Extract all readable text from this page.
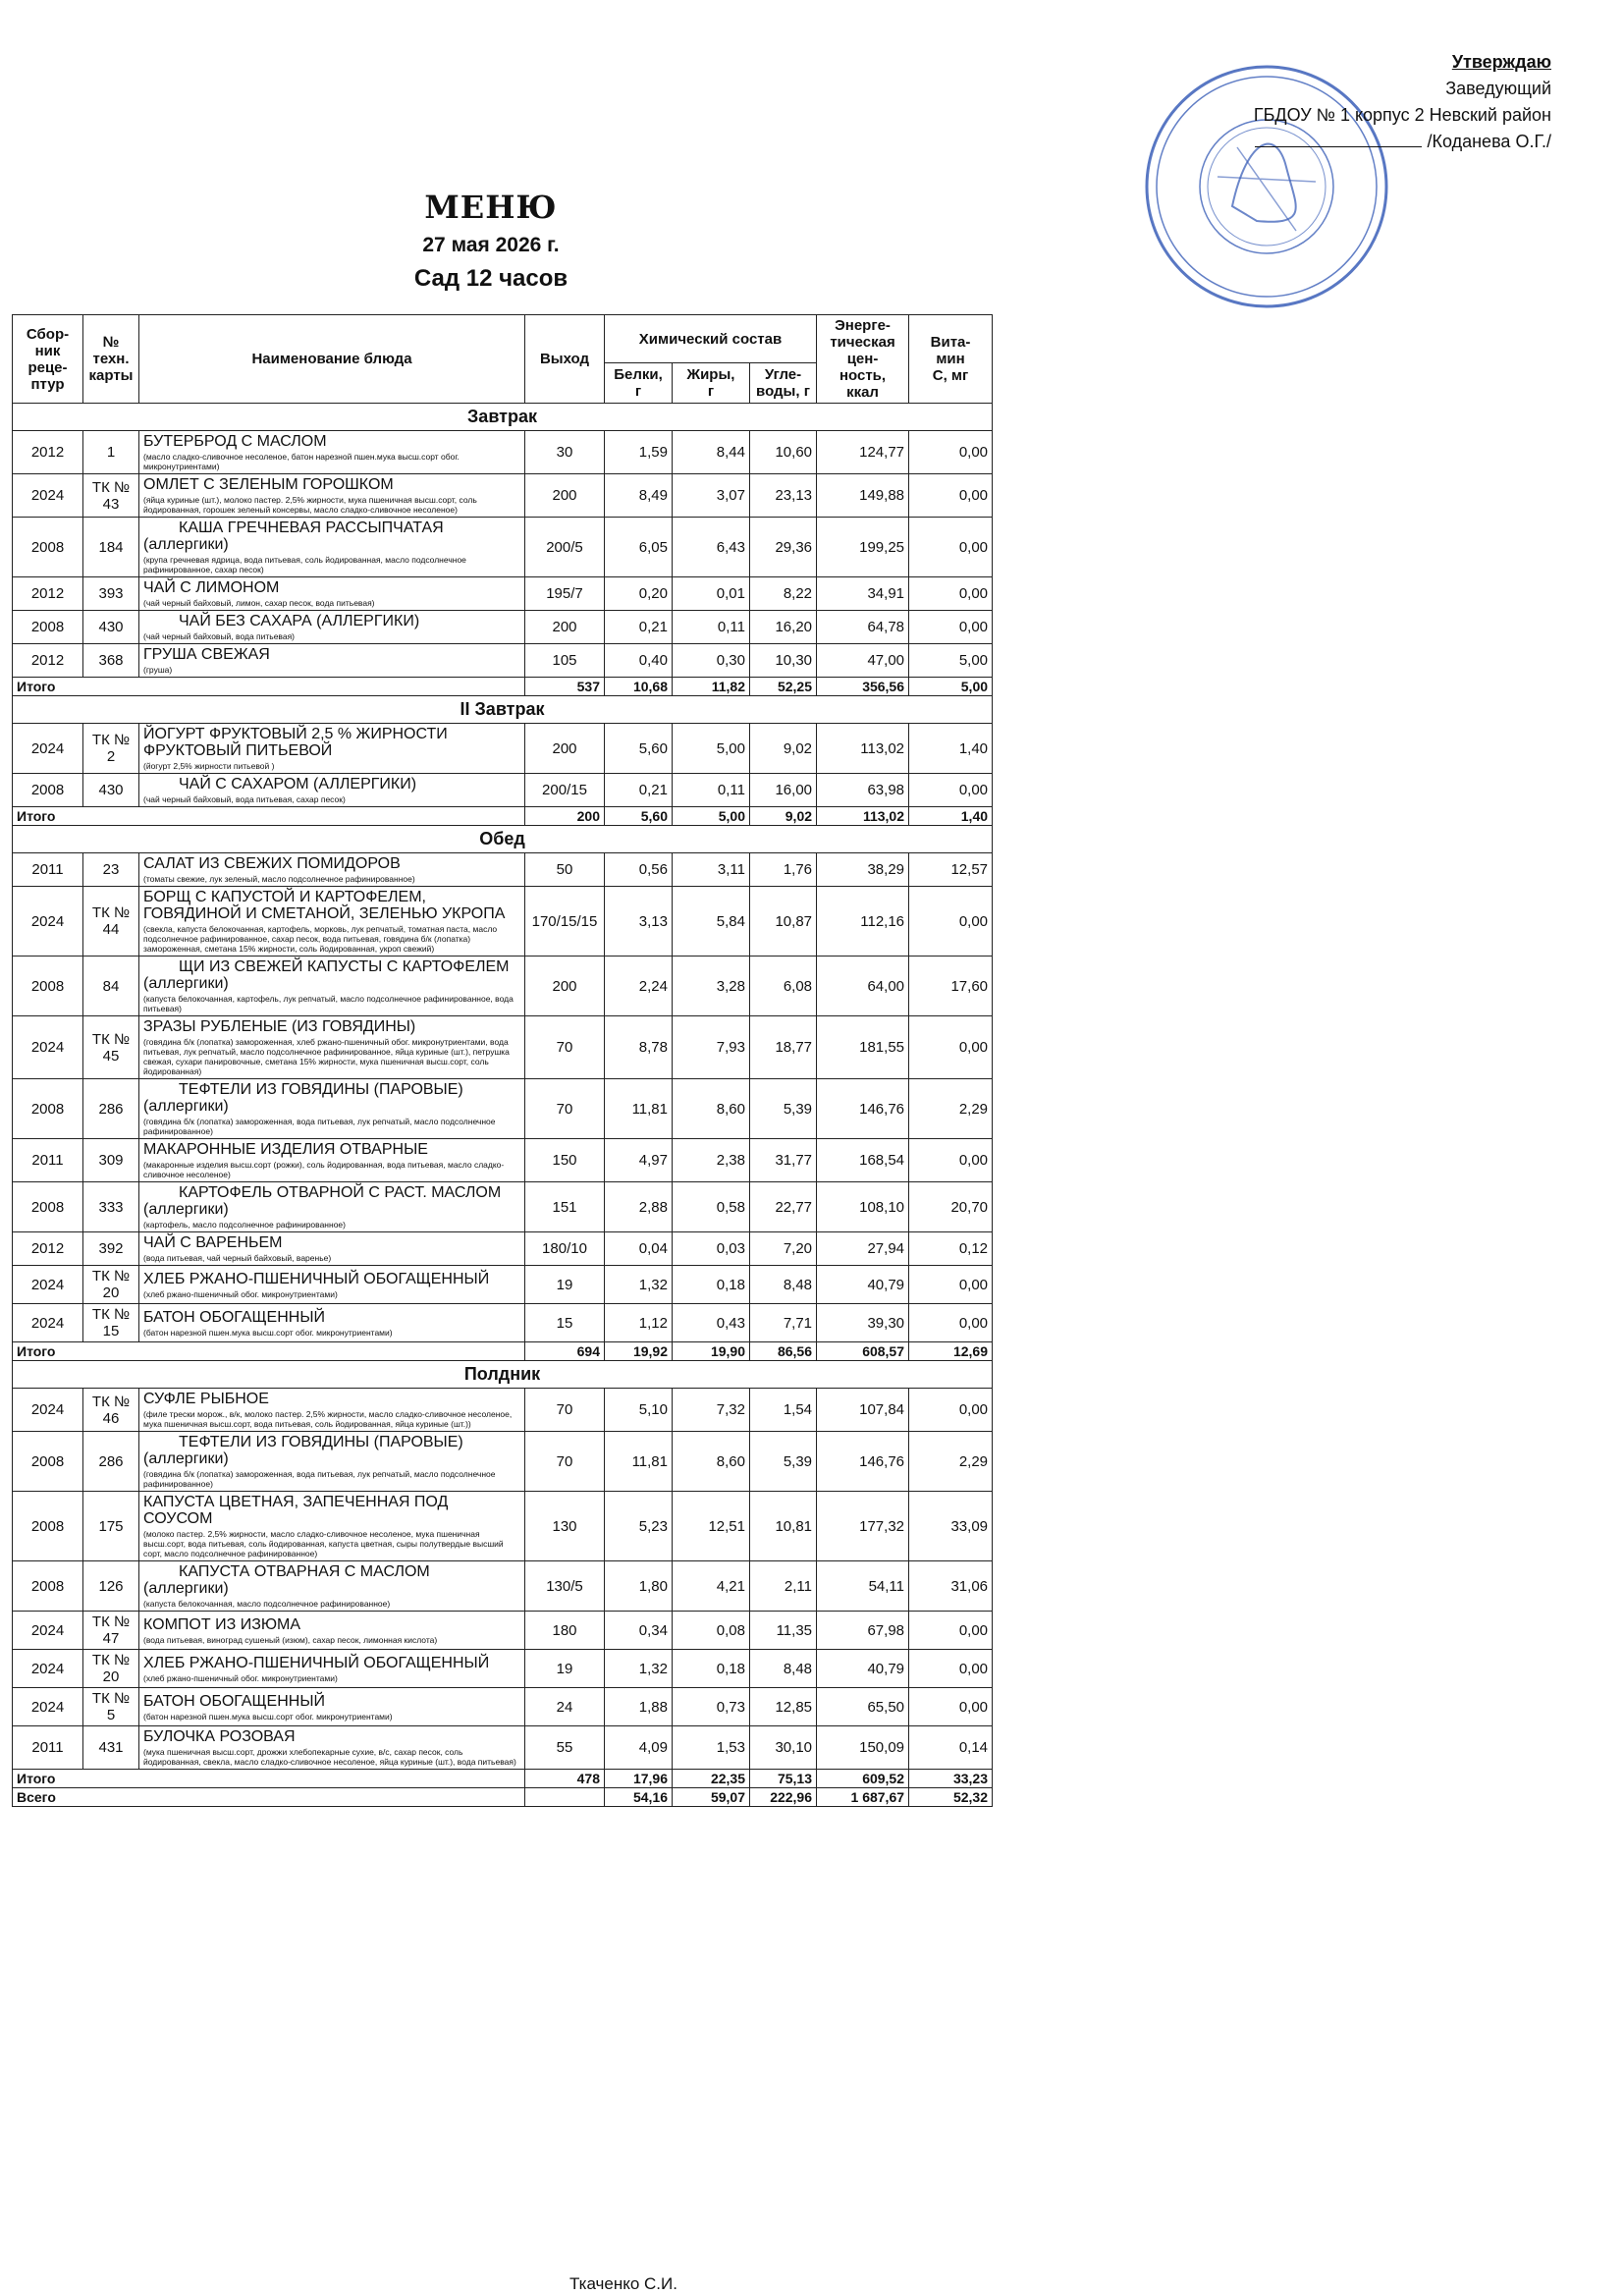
Утверждаю
Заведующий
ГБДОУ № 1 корпус 2 Невский район
/Коданева О.Г./
МЕНЮ
27 мая 2026 г.
Сад 12 часов
Сбор-
ник
реце-
птур	№
техн.
карты	Наименование блюда	Выход	Химический состав			Энерге-
тическая
цен-
ность,
ккал	Вита-
мин
С, мг
				Белки,
г	Жиры,
г	Угле-
воды, г		
Завтрак								
2012	1	БУТЕРБРОД С МАСЛОМ
(масло сладко-сливочное несоленое, батон нарезной пшен.мука высш.сорт обог. микронутриентами)	30	1,59	8,44	10,60	124,77	0,00
2024	ТК №
43	ОМЛЕТ С ЗЕЛЕНЫМ ГОРОШКОМ
(яйца куриные (шт.), молоко пастер. 2,5% жирности, мука пшеничная высш.сорт, соль йодированная, горошек зеленый консервы, масло сладко-сливочное несоленое)	200	8,49	3,07	23,13	149,88	0,00
2008	184	КАША ГРЕЧНЕВАЯ РАССЫПЧАТАЯ
(аллергики)
(крупа гречневая ядрица, вода питьевая, соль йодированная, масло подсолнечное рафинированное, сахар песок)	200/5	6,05	6,43	29,36	199,25	0,00
2012	393	ЧАЙ С ЛИМОНОМ
(чай черный байховый, лимон, сахар песок, вода питьевая)	195/7	0,20	0,01	8,22	34,91	0,00
2008	430	ЧАЙ БЕЗ САХАРА (АЛЛЕРГИКИ)
(чай черный байховый, вода питьевая)	200	0,21	0,11	16,20	64,78	0,00
2012	368	ГРУША СВЕЖАЯ
(груша)	105	0,40	0,30	10,30	47,00	5,00
Итого			537	10,68	11,82	52,25	356,56	5,00
II Завтрак								
2024	ТК №
2	ЙОГУРТ ФРУКТОВЫЙ 2,5 % ЖИРНОСТИ ФРУКТОВЫЙ ПИТЬЕВОЙ
(йогурт 2,5% жирности питьевой )	200	5,60	5,00	9,02	113,02	1,40
2008	430	ЧАЙ С САХАРОМ (АЛЛЕРГИКИ)
(чай черный байховый, вода питьевая, сахар песок)	200/15	0,21	0,11	16,00	63,98	0,00
Итого			200	5,60	5,00	9,02	113,02	1,40
Обед								
2011	23	САЛАТ ИЗ СВЕЖИХ ПОМИДОРОВ
(томаты свежие, лук зеленый, масло подсолнечное рафинированное)	50	0,56	3,11	1,76	38,29	12,57
2024	ТК №
44	БОРЩ С КАПУСТОЙ И КАРТОФЕЛЕМ, ГОВЯДИНОЙ И СМЕТАНОЙ, ЗЕЛЕНЬЮ УКРОПА
(свекла, капуста белокочанная, картофель, морковь, лук репчатый, томатная паста, масло подсолнечное рафинированное, сахар песок, вода питьевая, говядина б/к (лопатка) замороженная, сметана 15% жирности, соль йодированная, укроп свежий)	170/15/15	3,13	5,84	10,87	112,16	0,00
2008	84	ЩИ ИЗ СВЕЖЕЙ КАПУСТЫ С КАРТОФЕЛЕМ
(аллергики)
(капуста белокочанная, картофель, лук репчатый, масло подсолнечное рафинированное, вода питьевая)	200	2,24	3,28	6,08	64,00	17,60
2024	ТК №
45	ЗРАЗЫ РУБЛЕНЫЕ (ИЗ ГОВЯДИНЫ)
(говядина б/к (лопатка) замороженная, хлеб ржано-пшеничный обог. микронутриентами, вода питьевая, лук репчатый, масло подсолнечное рафинированное, яйца куриные (шт.), петрушка свежая, сухари панировочные, сметана 15% жирности, мука пшеничная высш.сорт, соль йодированная)	70	8,78	7,93	18,77	181,55	0,00
2008	286	ТЕФТЕЛИ ИЗ ГОВЯДИНЫ (ПАРОВЫЕ)
(аллергики)
(говядина б/к (лопатка) замороженная, вода питьевая, лук репчатый, масло подсолнечное рафинированное)	70	11,81	8,60	5,39	146,76	2,29
2011	309	МАКАРОННЫЕ ИЗДЕЛИЯ ОТВАРНЫЕ
(макаронные изделия высш.сорт (рожки), соль йодированная, вода питьевая, масло сладко-сливочное несоленое)	150	4,97	2,38	31,77	168,54	0,00
2008	333	КАРТОФЕЛЬ ОТВАРНОЙ С РАСТ. МАСЛОМ
(аллергики)
(картофель, масло подсолнечное рафинированное)	151	2,88	0,58	22,77	108,10	20,70
2012	392	ЧАЙ С ВАРЕНЬЕМ
(вода питьевая, чай черный байховый, варенье)	180/10	0,04	0,03	7,20	27,94	0,12
2024	ТК №
20	ХЛЕБ РЖАНО-ПШЕНИЧНЫЙ ОБОГАЩЕННЫЙ
(хлеб ржано-пшеничный обог. микронутриентами)	19	1,32	0,18	8,48	40,79	0,00
2024	ТК №
15	БАТОН ОБОГАЩЕННЫЙ
(батон нарезной пшен.мука высш.сорт обог. микронутриентами)	15	1,12	0,43	7,71	39,30	0,00
Итого			694	19,92	19,90	86,56	608,57	12,69
Полдник								
2024	ТК №
46	СУФЛЕ РЫБНОЕ
(филе трески морож., в/к, молоко пастер. 2,5% жирности, масло сладко-сливочное несоленое, мука пшеничная высш.сорт, вода питьевая, соль йодированная, яйца куриные (шт.))	70	5,10	7,32	1,54	107,84	0,00
2008	286	ТЕФТЕЛИ ИЗ ГОВЯДИНЫ (ПАРОВЫЕ)
(аллергики)
(говядина б/к (лопатка) замороженная, вода питьевая, лук репчатый, масло подсолнечное рафинированное)	70	11,81	8,60	5,39	146,76	2,29
2008	175	КАПУСТА ЦВЕТНАЯ, ЗАПЕЧЕННАЯ ПОД СОУСОМ
(молоко пастер. 2,5% жирности, масло сладко-сливочное несоленое, мука пшеничная высш.сорт, вода питьевая, соль йодированная, капуста цветная, сыры полутвердые высший сорт, масло подсолнечное рафинированное)	130	5,23	12,51	10,81	177,32	33,09
2008	126	КАПУСТА ОТВАРНАЯ С МАСЛОМ
(аллергики)
(капуста белокочанная, масло подсолнечное рафинированное)	130/5	1,80	4,21	2,11	54,11	31,06
2024	ТК №
47	КОМПОТ ИЗ ИЗЮМА
(вода питьевая, виноград сушеный (изюм), сахар песок, лимонная кислота)	180	0,34	0,08	11,35	67,98	0,00
2024	ТК №
20	ХЛЕБ РЖАНО-ПШЕНИЧНЫЙ ОБОГАЩЕННЫЙ
(хлеб ржано-пшеничный обог. микронутриентами)	19	1,32	0,18	8,48	40,79	0,00
2024	ТК №
5	БАТОН ОБОГАЩЕННЫЙ
(батон нарезной пшен.мука высш.сорт обог. микронутриентами)	24	1,88	0,73	12,85	65,50	0,00
2011	431	БУЛОЧКА РОЗОВАЯ
(мука пшеничная высш.сорт, дрожжи хлебопекарные сухие, в/с, сахар песок, соль йодированная, свекла, масло сладко-сливочное несоленое, яйца куриные (шт.), вода питьевая)	55	4,09	1,53	30,10	150,09	0,14
Итого			478	17,96	22,35	75,13	609,52	33,23
Всего				54,16	59,07	222,96	1 687,67	52,32
Ткаченко С.И.
